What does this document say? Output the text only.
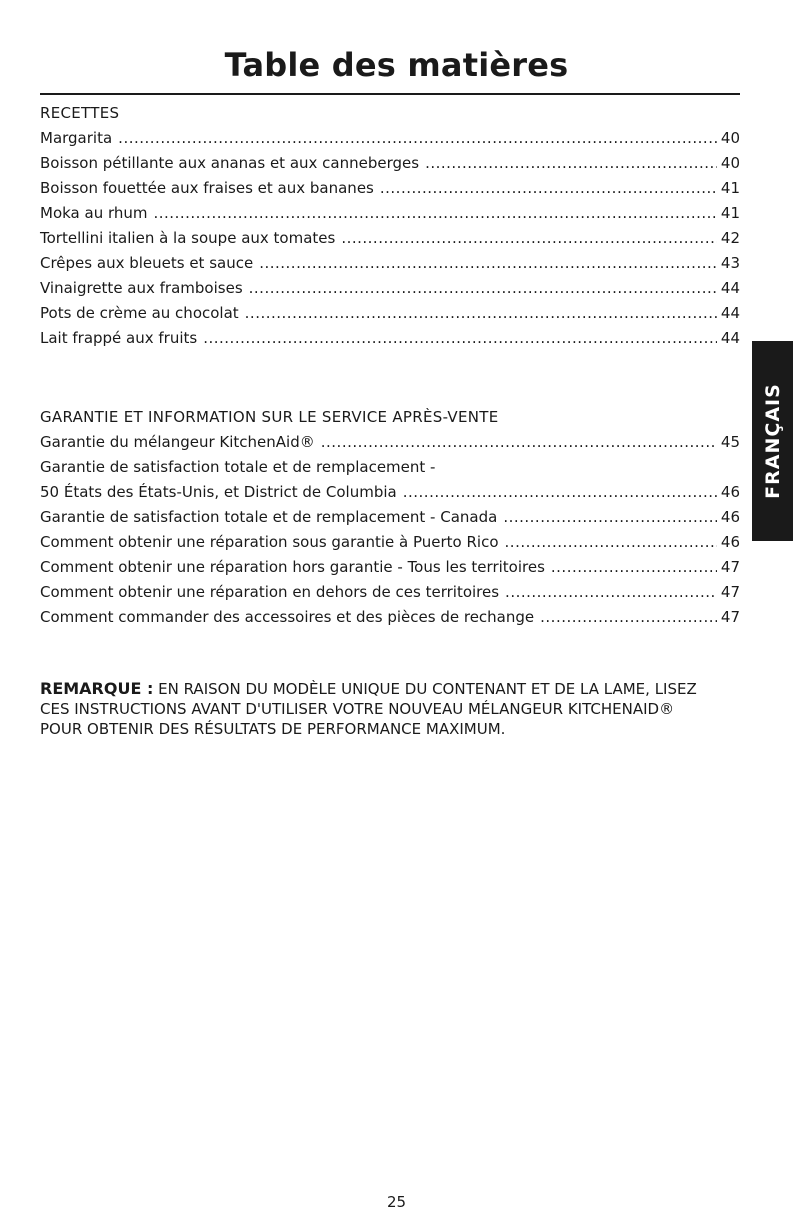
Table des matières
RECETTES
Margarita .....	40
Boisson pétillante aux ananas et aux canneberges .....	40
Boisson fouettée aux fraises et aux bananes .....	41
Moka au rhum .....	41
Tortellini italien à la soupe aux tomates .....	42
Crêpes aux bleuets et sauce .....	43
Vinaigrette aux framboises .....	44
Pots de crème au chocolat .....	44
Lait frappé aux fruits .....	44
GARANTIE ET INFORMATION SUR LE SERVICE APRÈS-VENTE
Garantie du mélangeur KitchenAid® .....	45
Garantie de satisfaction totale et de remplacement -
50 États des États-Unis, et District de Columbia .....	46
Garantie de satisfaction totale et de remplacement - Canada .....	46
Comment obtenir une réparation sous garantie à Puerto Rico .....	46
Comment obtenir une réparation hors garantie - Tous les territoires .....	47
Comment obtenir une réparation en dehors de ces territoires .....	47
Comment commander des accessoires et des pièces de rechange .....	47
REMARQUE : EN RAISON DU MODÈLE UNIQUE DU CONTENANT ET DE LA LAME, LISEZ
CES INSTRUCTIONS AVANT D'UTILISER VOTRE NOUVEAU MÉLANGEUR KITCHENAID®
POUR OBTENIR DES RÉSULTATS DE PERFORMANCE MAXIMUM.
FRANÇAIS
25
